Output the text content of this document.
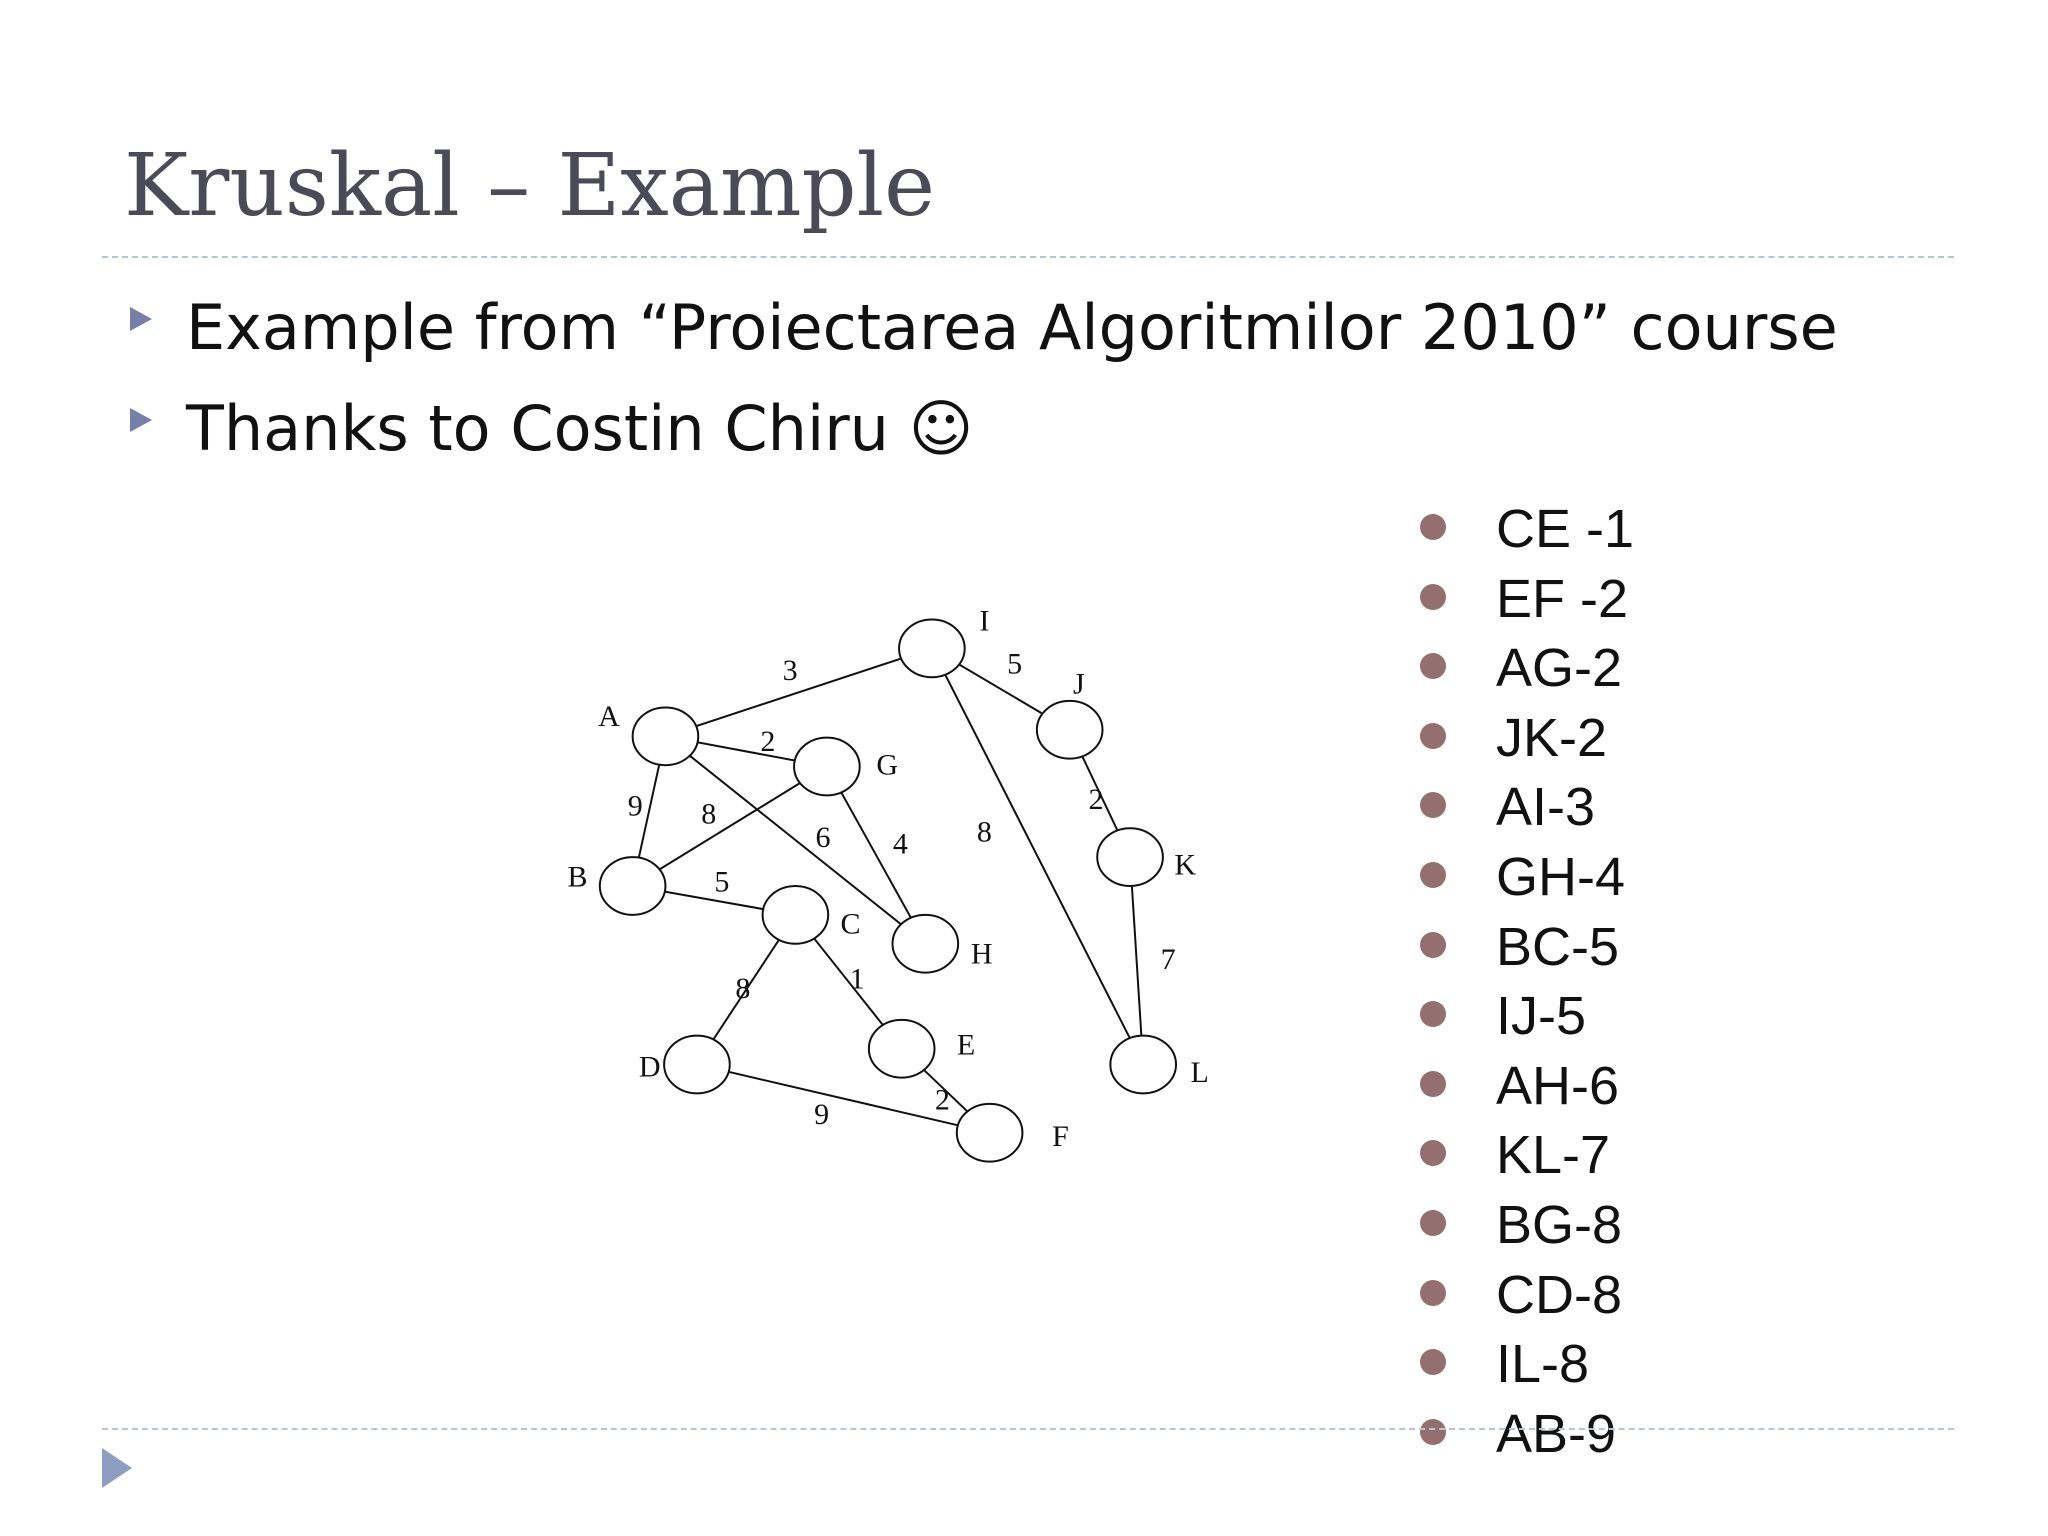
Kruskal – Example
Example from “Proiectarea Algoritmilor 2010” course
Thanks to Costin Chiru ☺
3	5
2
9 8
6 4 8
2
5
7
8	1
9	2
A
B
C
D
E
F
G
H
I
J
K
L
CE -1
EF -2
AG-2
JK-2
AI-3
GH-4
BC-5
IJ-5
AH-6
KL-7
BG-8
CD-8
IL-8
AB-9
